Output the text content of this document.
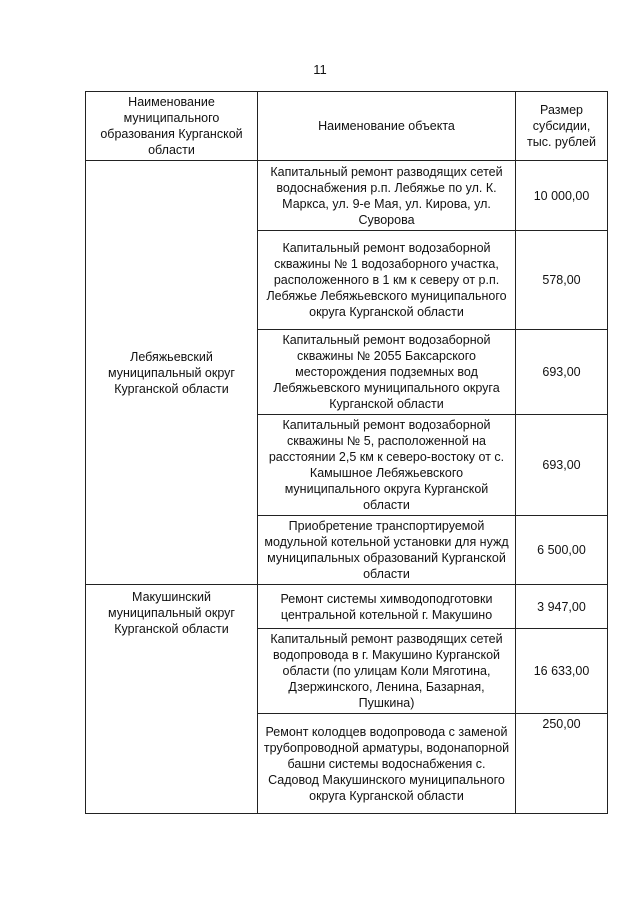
11
Наименование муниципального образования Курганской области	Наименование объекта	Размер субсидии, тыс. рублей
Лебяжьевский муниципальный округ Курганской области	Капитальный ремонт разводящих сетей водоснабжения р.п. Лебяжье по ул. К. Маркса, ул. 9-е Мая, ул. Кирова, ул. Суворова	10 000,00
	Капитальный ремонт водозаборной скважины № 1 водозаборного участка, расположенного в 1 км к северу от р.п. Лебяжье Лебяжьевского муниципального округа Курганской области	578,00
	Капитальный ремонт водозаборной скважины № 2055 Баксарского месторождения подземных вод Лебяжьевского муниципального округа Курганской области	693,00
	Капитальный ремонт водозаборной скважины № 5, расположенной на расстоянии 2,5 км к северо-востоку от с. Камышное Лебяжьевского муниципального округа Курганской области	693,00
	Приобретение транспортируемой модульной котельной установки для нужд муниципальных образований Курганской области	6 500,00
Макушинский муниципальный округ Курганской области	Ремонт системы химводоподготовки центральной котельной г. Макушино	3 947,00
	Капитальный ремонт разводящих сетей водопровода в г. Макушино Курганской области (по улицам Коли Мяготина, Дзержинского, Ленина, Базарная, Пушкина)	16 633,00
	Ремонт колодцев водопровода с заменой трубопроводной арматуры, водонапорной башни системы водоснабжения с. Садовод Макушинского муниципального округа Курганской области	250,00
